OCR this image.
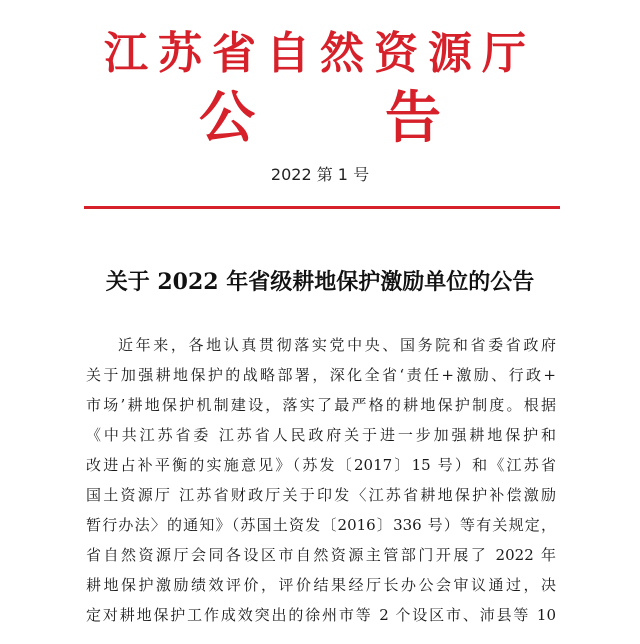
江苏省自然资源厅
公 告
2022 第 1 号
关于 2022 年省级耕地保护激励单位的公告
近年来，各地认真贯彻落实党中央、国务院和省委省政府
关于加强耕地保护的战略部署，深化全省‘责任+激励、行政+
市场’耕地保护机制建设，落实了最严格的耕地保护制度。根据
《中共江苏省委 江苏省人民政府关于进一步加强耕地保护和
改进占补平衡的实施意见》（苏发〔2017〕15 号）和《江苏省
国土资源厅 江苏省财政厅关于印发〈江苏省耕地保护补偿激励
暂行办法〉的通知》（苏国土资发〔2016〕336 号）等有关规定，
省自然资源厅会同各设区市自然资源主管部门开展了 2022 年
耕地保护激励绩效评价，评价结果经厅长办公会审议通过，决
定对耕地保护工作成效突出的徐州市等 2 个设区市、沛县等 10
